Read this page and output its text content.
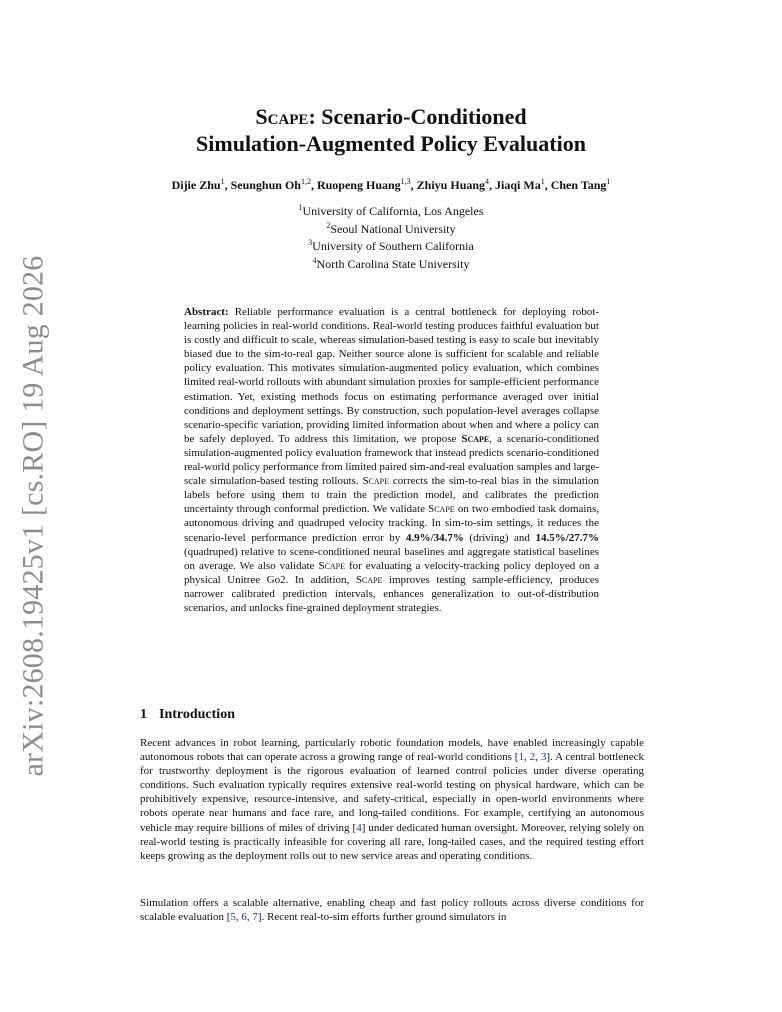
arXiv:2608.19425v1 [cs.RO] 19 Aug 2026
Scape: Scenario-Conditioned
Simulation-Augmented Policy Evaluation
Dijie Zhu$^1$, Seunghun Oh$^{1,2}$, Ruopeng Huang$^{1,3}$, Zhiyu Huang$^4$, Jiaqi Ma$^1$, Chen Tang$^1$
$^1$University of California, Los Angeles
$^2$Seoul National University
$^3$University of Southern California
$^4$North Carolina State University
Abstract: Reliable performance evaluation is a central bottleneck for deploying robot-learning policies in real-world conditions. Real-world testing produces faithful evaluation but is costly and difficult to scale, whereas simulation-based testing is easy to scale but inevitably biased due to the sim-to-real gap. Neither source alone is sufficient for scalable and reliable policy evaluation. This motivates simulation-augmented policy evaluation, which combines limited real-world rollouts with abundant simulation proxies for sample-efficient performance estimation. Yet, existing methods focus on estimating performance averaged over initial conditions and deployment settings. By construction, such population-level averages collapse scenario-specific variation, providing limited information about when and where a policy can be safely deployed. To address this limitation, we propose Scape, a scenario-conditioned simulation-augmented policy evaluation framework that instead predicts scenario-conditioned real-world policy performance from limited paired sim-and-real evaluation samples and large-scale simulation-based testing rollouts. Scape corrects the sim-to-real bias in the simulation labels before using them to train the prediction model, and calibrates the prediction uncertainty through conformal prediction. We validate Scape on two embodied task domains, autonomous driving and quadruped velocity tracking. In sim-to-sim settings, it reduces the scenario-level performance prediction error by 4.9%/34.7% (driving) and 14.5%/27.7% (quadruped) relative to scene-conditioned neural baselines and aggregate statistical baselines on average. We also validate Scape for evaluating a velocity-tracking policy deployed on a physical Unitree Go2. In addition, Scape improves testing sample-efficiency, produces narrower calibrated prediction intervals, enhances generalization to out-of-distribution scenarios, and unlocks fine-grained deployment strategies.
1 Introduction
Recent advances in robot learning, particularly robotic foundation models, have enabled increasingly capable autonomous robots that can operate across a growing range of real-world conditions [1, 2, 3]. A central bottleneck for trustworthy deployment is the rigorous evaluation of learned control policies under diverse operating conditions. Such evaluation typically requires extensive real-world testing on physical hardware, which can be prohibitively expensive, resource-intensive, and safety-critical, especially in open-world environments where robots operate near humans and face rare, and long-tailed conditions. For example, certifying an autonomous vehicle may require billions of miles of driving [4] under dedicated human oversight. Moreover, relying solely on real-world testing is practically infeasible for covering all rare, long-tailed cases, and the required testing effort keeps growing as the deployment rolls out to new service areas and operating conditions.
Simulation offers a scalable alternative, enabling cheap and fast policy rollouts across diverse conditions for scalable evaluation [5, 6, 7]. Recent real-to-sim efforts further ground simulators in
